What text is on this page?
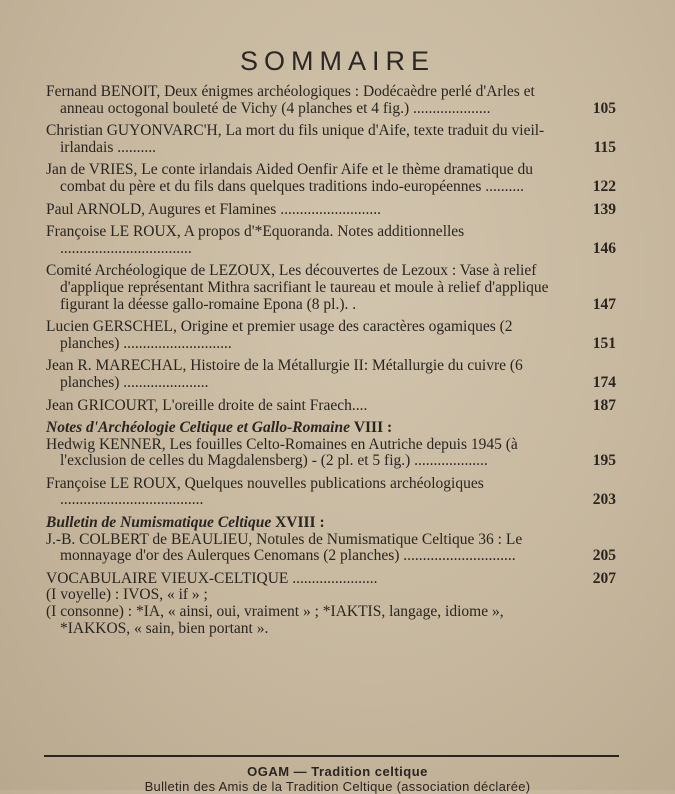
SOMMAIRE
Fernand BENOIT, Deux énigmes archéologiques : Dodécaèdre perlé d'Arles et anneau octogonal bouleté de Vichy (4 planches et 4 fig.) ....................	105
Christian GUYONVARC'H, La mort du fils unique d'Aife, texte traduit du vieil-irlandais ..........	115
Jan de VRIES, Le conte irlandais Aided Oenfir Aife et le thème dramatique du combat du père et du fils dans quelques traditions indo-européennes ..........	122
Paul ARNOLD, Augures et Flamines ..........................	139
Françoise LE ROUX, A propos d'*Equoranda. Notes additionnelles ..................................	146
Comité Archéologique de LEZOUX, Les découvertes de Lezoux : Vase à relief d'applique représentant Mithra sacrifiant le taureau et moule à relief d'applique figurant la déesse gallo-romaine Epona (8 pl.). .	147
Lucien GERSCHEL, Origine et premier usage des caractères ogamiques (2 planches) ............................	151
Jean R. MARECHAL, Histoire de la Métallurgie II: Métallurgie du cuivre (6 planches) ......................	174
Jean GRICOURT, L'oreille droite de saint Fraech....	187
Notes d'Archéologie Celtique et Gallo-Romaine VIII :
Hedwig KENNER, Les fouilles Celto-Romaines en Autriche depuis 1945 (à l'exclusion de celles du Magdalensberg) - (2 pl. et 5 fig.) ...................	195
Françoise LE ROUX, Quelques nouvelles publications archéologiques .....................................	203
Bulletin de Numismatique Celtique XVIII :
J.-B. COLBERT de BEAULIEU, Notules de Numismatique Celtique 36 : Le monnayage d'or des Aulerques Cenomans (2 planches) .............................	205
VOCABULAIRE VIEUX-CELTIQUE ......................	207
(I voyelle) : IVOS, « if » ;
(I consonne) : *IA, « ainsi, oui, vraiment » ; *IAKTIS, langage, idiome », *IAKKOS, « sain, bien portant ».
OGAM — Tradition celtique
Bulletin des Amis de la Tradition Celtique (association déclarée)
